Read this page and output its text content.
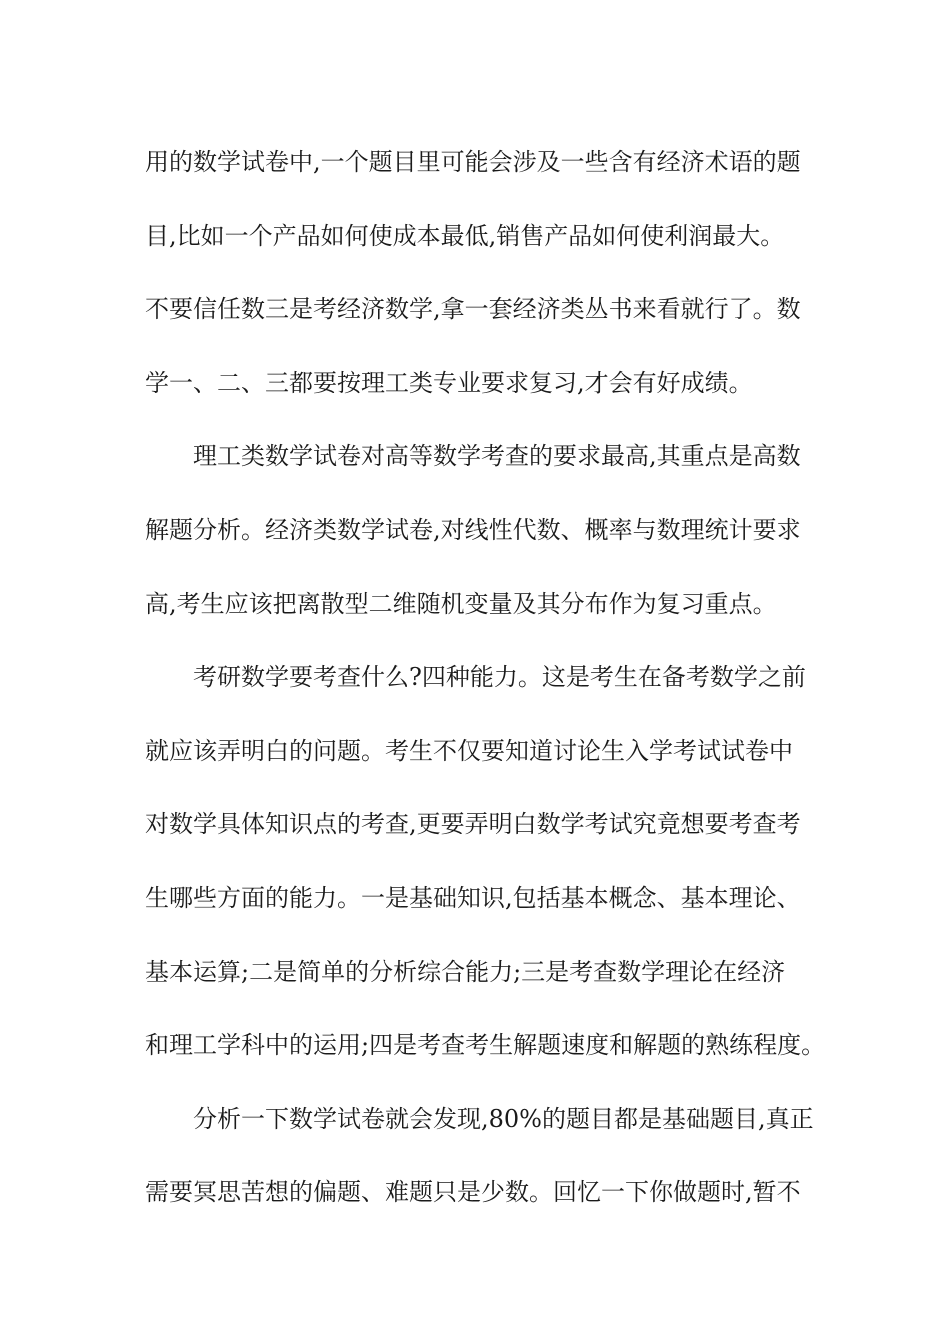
用的数学试卷中,一个题目里可能会涉及一些含有经济术语的题
目,比如一个产品如何使成本最低,销售产品如何使利润最大。
不要信任数三是考经济数学,拿一套经济类丛书来看就行了。数
学一、二、三都要按理工类专业要求复习,才会有好成绩。
理工类数学试卷对高等数学考查的要求最高,其重点是高数
解题分析。经济类数学试卷,对线性代数、概率与数理统计要求
高,考生应该把离散型二维随机变量及其分布作为复习重点。
考研数学要考查什么?四种能力。这是考生在备考数学之前
就应该弄明白的问题。考生不仅要知道讨论生入学考试试卷中
对数学具体知识点的考查,更要弄明白数学考试究竟想要考查考
生哪些方面的能力。一是基础知识,包括基本概念、基本理论、
基本运算;二是简单的分析综合能力;三是考查数学理论在经济
和理工学科中的运用;四是考查考生解题速度和解题的熟练程度。
分析一下数学试卷就会发现,80%的题目都是基础题目,真正
需要冥思苦想的偏题、难题只是少数。回忆一下你做题时,暂不
